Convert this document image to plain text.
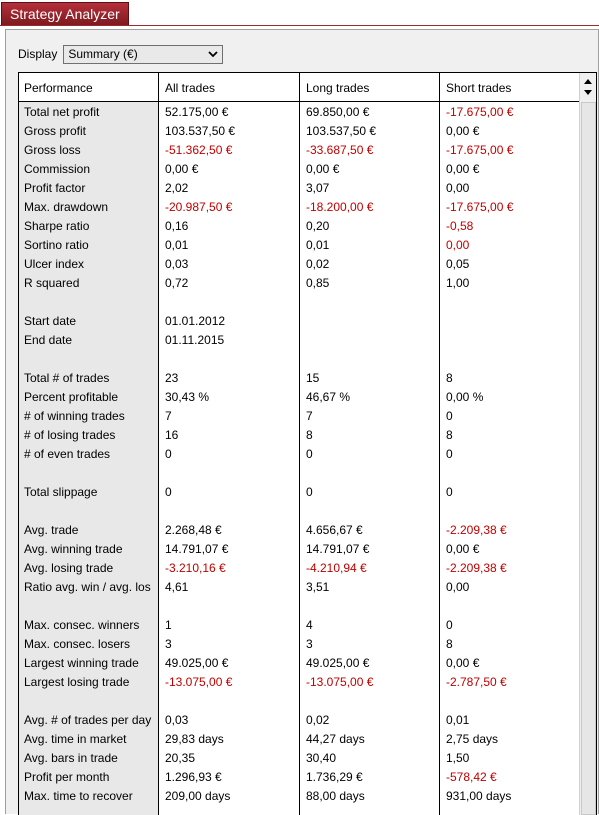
Strategy Analyzer
Display Summary (€)
Performance	All trades	Long trades	Short trades
Total net profit	52.175,00 €	69.850,00 €	-17.675,00 €
Gross profit	103.537,50 €	103.537,50 €	0,00 €
Gross loss	-51.362,50 €	-33.687,50 €	-17.675,00 €
Commission	0,00 €	0,00 €	0,00 €
Profit factor	2,02	3,07	0,00
Max. drawdown	-20.987,50 €	-18.200,00 €	-17.675,00 €
Sharpe ratio	0,16	0,20	-0,58
Sortino ratio	0,01	0,01	0,00
Ulcer index	0,03	0,02	0,05
R squared	0,72	0,85	1,00
Start date	01.01.2012
End date	01.11.2015
Total # of trades	23	15	8
Percent profitable	30,43 %	46,67 %	0,00 %
# of winning trades	7	7	0
# of losing trades	16	8	8
# of even trades	0	0	0
Total slippage	0	0	0
Avg. trade	2.268,48 €	4.656,67 €	-2.209,38 €
Avg. winning trade	14.791,07 €	14.791,07 €	0,00 €
Avg. losing trade	-3.210,16 €	-4.210,94 €	-2.209,38 €
Ratio avg. win / avg. los 4,61	3,51	0,00
Max. consec. winners 1	4	0
Max. consec. losers	3	3	8
Largest winning trade 49.025,00 €	49.025,00 €	0,00 €
Largest losing trade	-13.075,00 €	-13.075,00 €	-2.787,50 €
Avg. # of trades per day 0,03	0,02	0,01
Avg. time in market	29,83 days	44,27 days	2,75 days
Avg. bars in trade	20,35	30,40	1,50
Profit per month	1.296,93 €	1.736,29 €	-578,42 €
Max. time to recover	209,00 days	88,00 days	931,00 days
